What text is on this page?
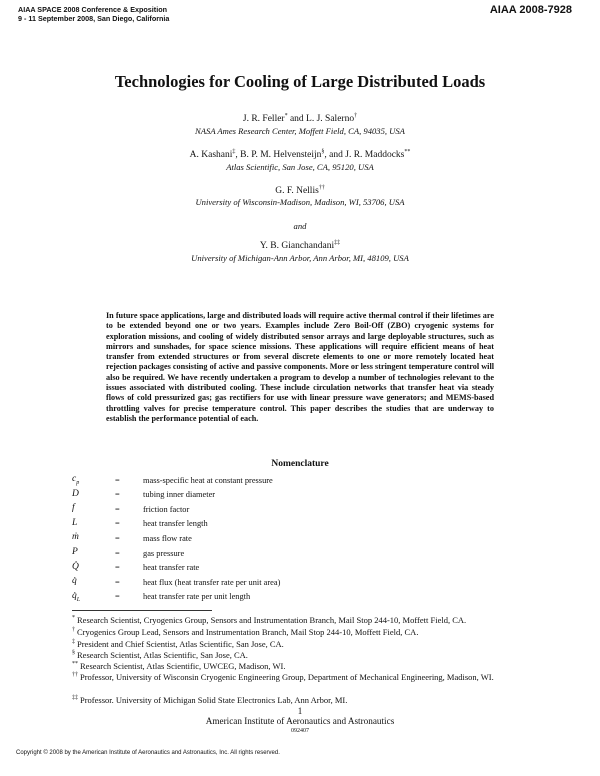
AIAA SPACE 2008 Conference & Exposition
9 - 11 September 2008, San Diego, California
AIAA 2008-7928
Technologies for Cooling of Large Distributed Loads
J. R. Feller* and L. J. Salerno†
NASA Ames Research Center, Moffett Field, CA, 94035, USA
A. Kashani‡, B. P. M. Helvensteijn§, and J. R. Maddocks**
Atlas Scientific, San Jose, CA, 95120, USA
G. F. Nellis††
University of Wisconsin-Madison, Madison, WI, 53706, USA
and
Y. B. Gianchandani‡‡
University of Michigan-Ann Arbor, Ann Arbor, MI, 48109, USA

In future space applications, large and distributed loads will require active thermal control if their lifetimes are to be extended beyond one or two years. Examples include Zero Boil-Off (ZBO) cryogenic systems for exploration missions, and cooling of widely distributed sensor arrays and large deployable structures, such as mirrors and sunshades, for space science missions. These applications will require efficient means of heat transfer from extended structures or from several discrete elements to one or more remotely located heat rejection packages consisting of active and passive components. More or less stringent temperature control will also be required. We have recently undertaken a program to develop a number of technologies relevant to the issues associated with distributed cooling. These include circulation networks that transfer heat via steady flows of cold pressurized gas; gas rectifiers for use with linear pressure wave generators; and MEMS-based throttling valves for precise temperature control. This paper describes the studies that are underway to establish the performance potential of each.

Nomenclature
$c_p$	=	mass-specific heat at constant pressure
D	=	tubing inner diameter
f	=	friction factor
L	=	heat transfer length
ṁ	=	mass flow rate
P	=	gas pressure
Q̇	=	heat transfer rate
q̇	=	heat flux (heat transfer rate per unit area)
$q̇_L$	=	heat transfer rate per unit length
* Research Scientist, Cryogenics Group, Sensors and Instrumentation Branch, Mail Stop 244-10, Moffett Field, CA.
† Cryogenics Group Lead, Sensors and Instrumentation Branch, Mail Stop 244-10, Moffett Field, CA.
‡ President and Chief Scientist, Atlas Scientific, San Jose, CA.
§ Research Scientist, Atlas Scientific, San Jose, CA.
** Research Scientist, Atlas Scientific, UWCEG, Madison, WI.
†† Professor, University of Wisconsin Cryogenic Engineering Group, Department of Mechanical Engineering, Madison, WI.
‡‡ Professor. University of Michigan Solid State Electronics Lab, Ann Arbor, MI.
1
American Institute of Aeronautics and Astronautics
092407
Copyright © 2008 by the American Institute of Aeronautics and Astronautics, Inc. All rights reserved.
